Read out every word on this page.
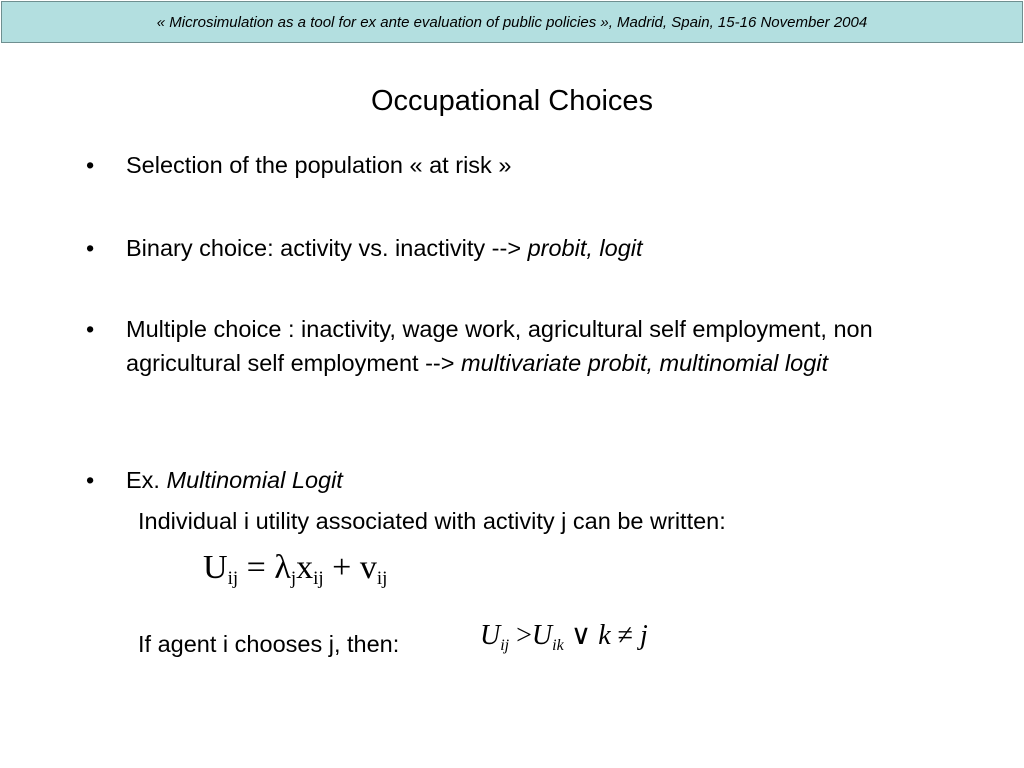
« Microsimulation as a tool for ex ante evaluation of public policies », Madrid, Spain, 15-16 November 2004
Occupational Choices
• Selection of the population « at risk »
• Binary choice: activity vs. inactivity --> probit, logit
• Multiple choice : inactivity, wage work, agricultural self employment, non agricultural self employment --> multivariate probit, multinomial logit
• Ex. Multinomial Logit
Individual i utility associated with activity j can be written:
$U_{ij} = \lambda_jx_{ij} + v_{ij}$
If agent i chooses j, then:	$U_{ij} >U_{ik}$ ∨ k ≠ j
